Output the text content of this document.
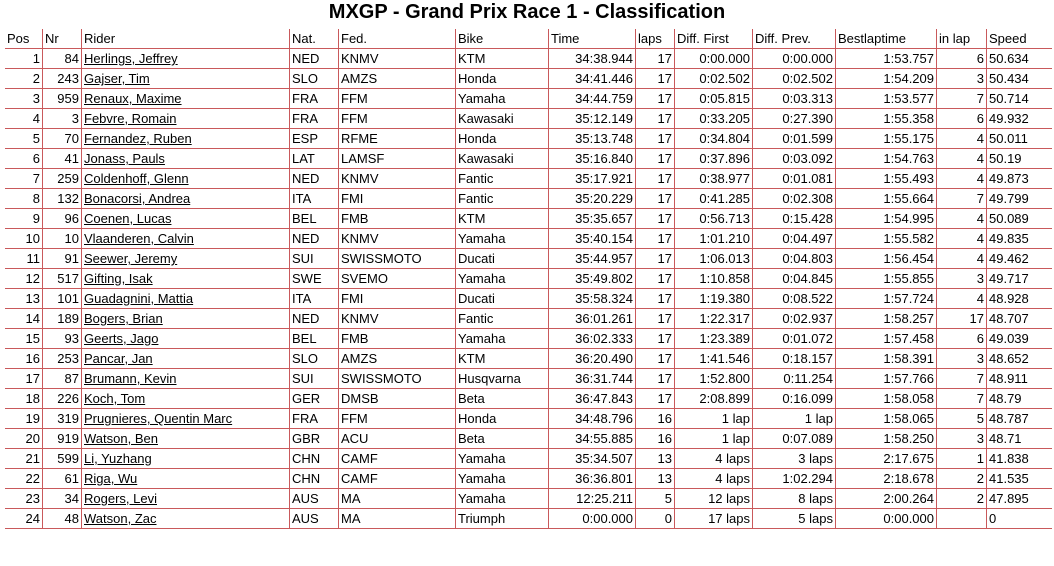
MXGP - Grand Prix Race 1 - Classification
Pos	Nr	Rider	Nat.	Fed.	Bike	Time	laps	Diff. First	Diff. Prev.	Bestlaptime	in lap	Speed
1	84	Herlings, Jeffrey	NED	KNMV	KTM	34:38.944	17	0:00.000	0:00.000	1:53.757	6	50.634
2	243	Gajser, Tim	SLO	AMZS	Honda	34:41.446	17	0:02.502	0:02.502	1:54.209	3	50.434
3	959	Renaux, Maxime	FRA	FFM	Yamaha	34:44.759	17	0:05.815	0:03.313	1:53.577	7	50.714
4	3	Febvre, Romain	FRA	FFM	Kawasaki	35:12.149	17	0:33.205	0:27.390	1:55.358	6	49.932
5	70	Fernandez, Ruben	ESP	RFME	Honda	35:13.748	17	0:34.804	0:01.599	1:55.175	4	50.011
6	41	Jonass, Pauls	LAT	LAMSF	Kawasaki	35:16.840	17	0:37.896	0:03.092	1:54.763	4	50.19
7	259	Coldenhoff, Glenn	NED	KNMV	Fantic	35:17.921	17	0:38.977	0:01.081	1:55.493	4	49.873
8	132	Bonacorsi, Andrea	ITA	FMI	Fantic	35:20.229	17	0:41.285	0:02.308	1:55.664	7	49.799
9	96	Coenen, Lucas	BEL	FMB	KTM	35:35.657	17	0:56.713	0:15.428	1:54.995	4	50.089
10	10	Vlaanderen, Calvin	NED	KNMV	Yamaha	35:40.154	17	1:01.210	0:04.497	1:55.582	4	49.835
11	91	Seewer, Jeremy	SUI	SWISSMOTO	Ducati	35:44.957	17	1:06.013	0:04.803	1:56.454	4	49.462
12	517	Gifting, Isak	SWE	SVEMO	Yamaha	35:49.802	17	1:10.858	0:04.845	1:55.855	3	49.717
13	101	Guadagnini, Mattia	ITA	FMI	Ducati	35:58.324	17	1:19.380	0:08.522	1:57.724	4	48.928
14	189	Bogers, Brian	NED	KNMV	Fantic	36:01.261	17	1:22.317	0:02.937	1:58.257	17	48.707
15	93	Geerts, Jago	BEL	FMB	Yamaha	36:02.333	17	1:23.389	0:01.072	1:57.458	6	49.039
16	253	Pancar, Jan	SLO	AMZS	KTM	36:20.490	17	1:41.546	0:18.157	1:58.391	3	48.652
17	87	Brumann, Kevin	SUI	SWISSMOTO	Husqvarna	36:31.744	17	1:52.800	0:11.254	1:57.766	7	48.911
18	226	Koch, Tom	GER	DMSB	Beta	36:47.843	17	2:08.899	0:16.099	1:58.058	7	48.79
19	319	Prugnieres, Quentin Marc	FRA	FFM	Honda	34:48.796	16	1 lap	1 lap	1:58.065	5	48.787
20	919	Watson, Ben	GBR	ACU	Beta	34:55.885	16	1 lap	0:07.089	1:58.250	3	48.71
21	599	Li, Yuzhang	CHN	CAMF	Yamaha	35:34.507	13	4 laps	3 laps	2:17.675	1	41.838
22	61	Riga, Wu	CHN	CAMF	Yamaha	36:36.801	13	4 laps	1:02.294	2:18.678	2	41.535
23	34	Rogers, Levi	AUS	MA	Yamaha	12:25.211	5	12 laps	8 laps	2:00.264	2	47.895
24	48	Watson, Zac	AUS	MA	Triumph	0:00.000	0	17 laps	5 laps	0:00.000		0
